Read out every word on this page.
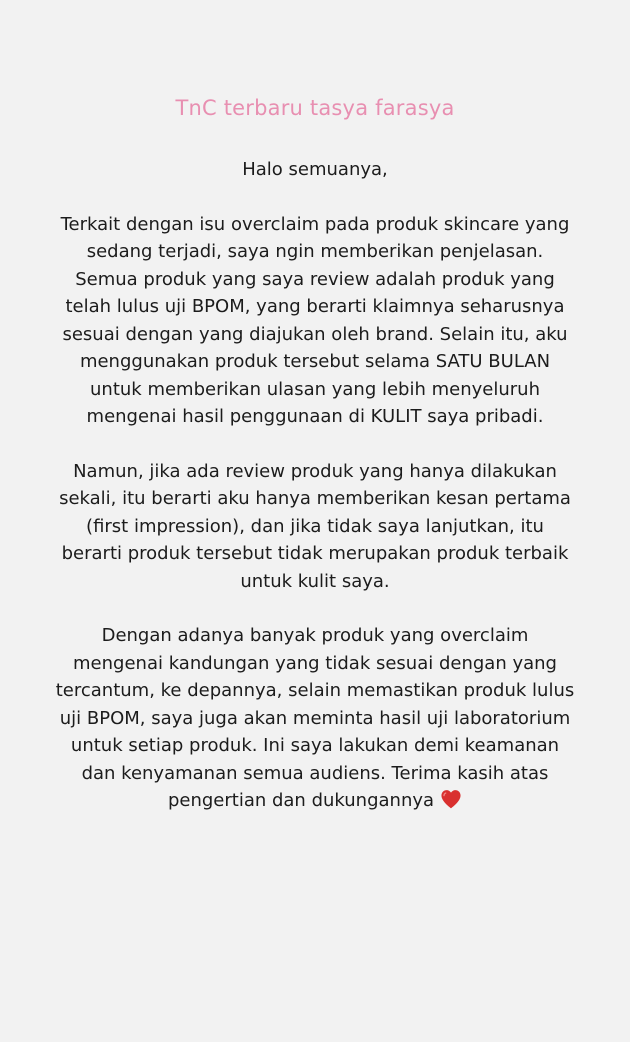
TnC terbaru tasya farasya

Halo semuanya,

Terkait dengan isu overclaim pada produk skincare yang sedang terjadi, saya ngin memberikan penjelasan. Semua produk yang saya review adalah produk yang telah lulus uji BPOM, yang berarti klaimnya seharusnya sesuai dengan yang diajukan oleh brand. Selain itu, aku menggunakan produk tersebut selama SATU BULAN untuk memberikan ulasan yang lebih menyeluruh mengenai hasil penggunaan di KULIT saya pribadi.

Namun, jika ada review produk yang hanya dilakukan sekali, itu berarti aku hanya memberikan kesan pertama (first impression), dan jika tidak saya lanjutkan, itu berarti produk tersebut tidak merupakan produk terbaik untuk kulit saya.

Dengan adanya banyak produk yang overclaim mengenai kandungan yang tidak sesuai dengan yang tercantum, ke depannya, selain memastikan produk lulus uji BPOM, saya juga akan meminta hasil uji laboratorium untuk setiap produk. Ini saya lakukan demi keamanan dan kenyamanan semua audiens. Terima kasih atas pengertian dan dukungannya
